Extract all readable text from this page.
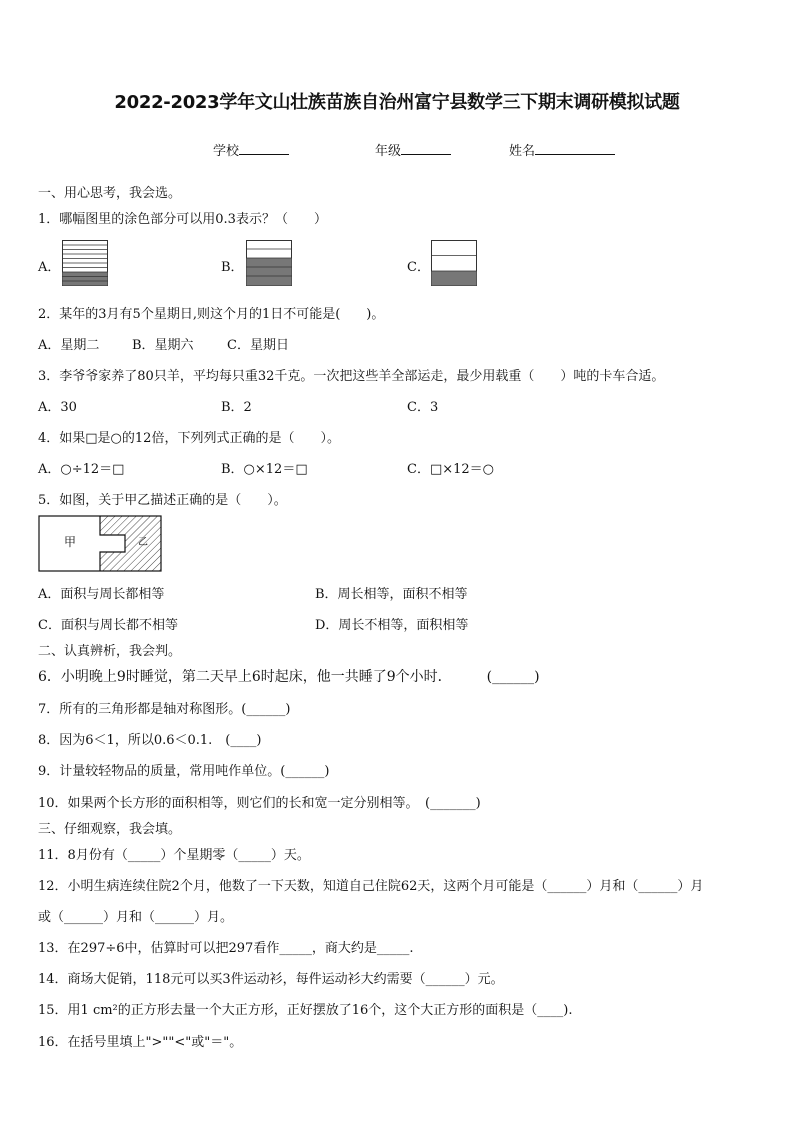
2022-2023学年文山壮族苗族自治州富宁县数学三下期末调研模拟试题
学校	年级	姓名
一、用心思考，我会选。
1．哪幅图里的涂色部分可以用0.3表示？（　　）
A．	B．	C．
2．某年的3月有5个星期日,则这个月的1日不可能是(　　)。
A．星期二	B．星期六	C．星期日
3．李爷爷家养了80只羊，平均每只重32千克。一次把这些羊全部运走，最少用载重（　　）吨的卡车合适。
A．30	B．2	C．3
4．如果□是○的12倍，下列列式正确的是（　　）。
A．○÷12＝□	B．○×12＝□	C．□×12＝○
5．如图，关于甲乙描述正确的是（　　）。
甲	乙
A．面积与周长都相等	B．周长相等，面积不相等
C．面积与周长都不相等	D．周长不相等，面积相等
二、认真辨析，我会判。
6．小明晚上9时睡觉，第二天早上6时起床，他一共睡了9个小时．　　　(______)
7．所有的三角形都是轴对称图形。(______)
8．因为6＜1，所以0.6＜0.1.　(____)
9．计量较轻物品的质量，常用吨作单位。(______)
10．如果两个长方形的面积相等，则它们的长和宽一定分别相等。　(_______)
三、仔细观察，我会填。
11．8月份有（_____）个星期零（_____）天。
12．小明生病连续住院2个月，他数了一下天数，知道自己住院62天，这两个月可能是（______）月和（______）月
或（______）月和（______）月。
13．在297÷6中，估算时可以把297看作_____，商大约是_____.
14．商场大促销，118元可以买3件运动衫，每件运动衫大约需要（______）元。
15．用1 cm²的正方形去量一个大正方形，正好摆放了16个，这个大正方形的面积是（____).
16．在括号里填上">""<"或"＝"。
